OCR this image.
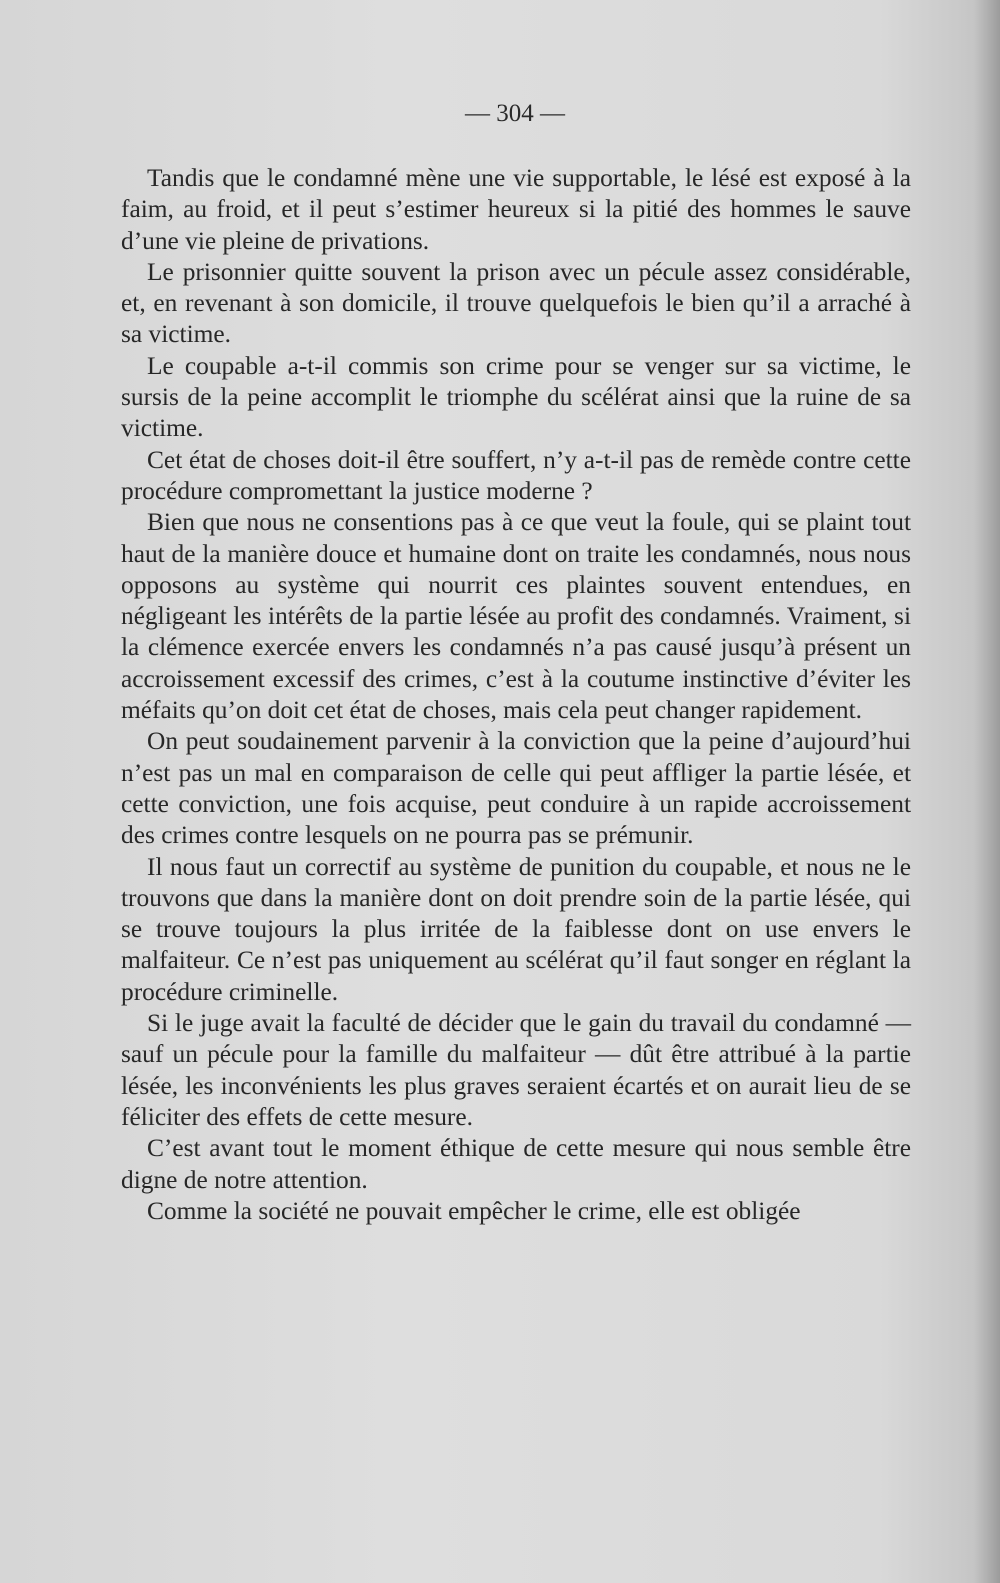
— 304 —

Tandis que le condamné mène une vie supportable, le lésé est exposé à la faim, au froid, et il peut s’estimer heureux si la pitié des hommes le sauve d’une vie pleine de privations.

Le prisonnier quitte souvent la prison avec un pécule assez considérable, et, en revenant à son domicile, il trouve quelquefois le bien qu’il a arraché à sa victime.

Le coupable a-t-il commis son crime pour se venger sur sa victime, le sursis de la peine accomplit le triomphe du scélérat ainsi que la ruine de sa victime.

Cet état de choses doit-il être souffert, n’y a-t-il pas de remède contre cette procédure compromettant la justice moderne ?

Bien que nous ne consentions pas à ce que veut la foule, qui se plaint tout haut de la manière douce et humaine dont on traite les condamnés, nous nous opposons au système qui nourrit ces plaintes souvent entendues, en négligeant les intérêts de la partie lésée au profit des condamnés. Vraiment, si la clémence exercée envers les condamnés n’a pas causé jusqu’à présent un accroissement excessif des crimes, c’est à la coutume instinctive d’éviter les méfaits qu’on doit cet état de choses, mais cela peut changer rapidement.

On peut soudainement parvenir à la conviction que la peine d’aujourd’hui n’est pas un mal en comparaison de celle qui peut affliger la partie lésée, et cette conviction, une fois acquise, peut conduire à un rapide accroissement des crimes contre lesquels on ne pourra pas se prémunir.

Il nous faut un correctif au système de punition du coupable, et nous ne le trouvons que dans la manière dont on doit prendre soin de la partie lésée, qui se trouve toujours la plus irritée de la faiblesse dont on use envers le malfaiteur. Ce n’est pas uniquement au scélérat qu’il faut songer en réglant la procédure criminelle.

Si le juge avait la faculté de décider que le gain du travail du condamné — sauf un pécule pour la famille du malfaiteur — dût être attribué à la partie lésée, les inconvénients les plus graves seraient écartés et on aurait lieu de se féliciter des effets de cette mesure.

C’est avant tout le moment éthique de cette mesure qui nous semble être digne de notre attention.

Comme la société ne pouvait empêcher le crime, elle est obligée
